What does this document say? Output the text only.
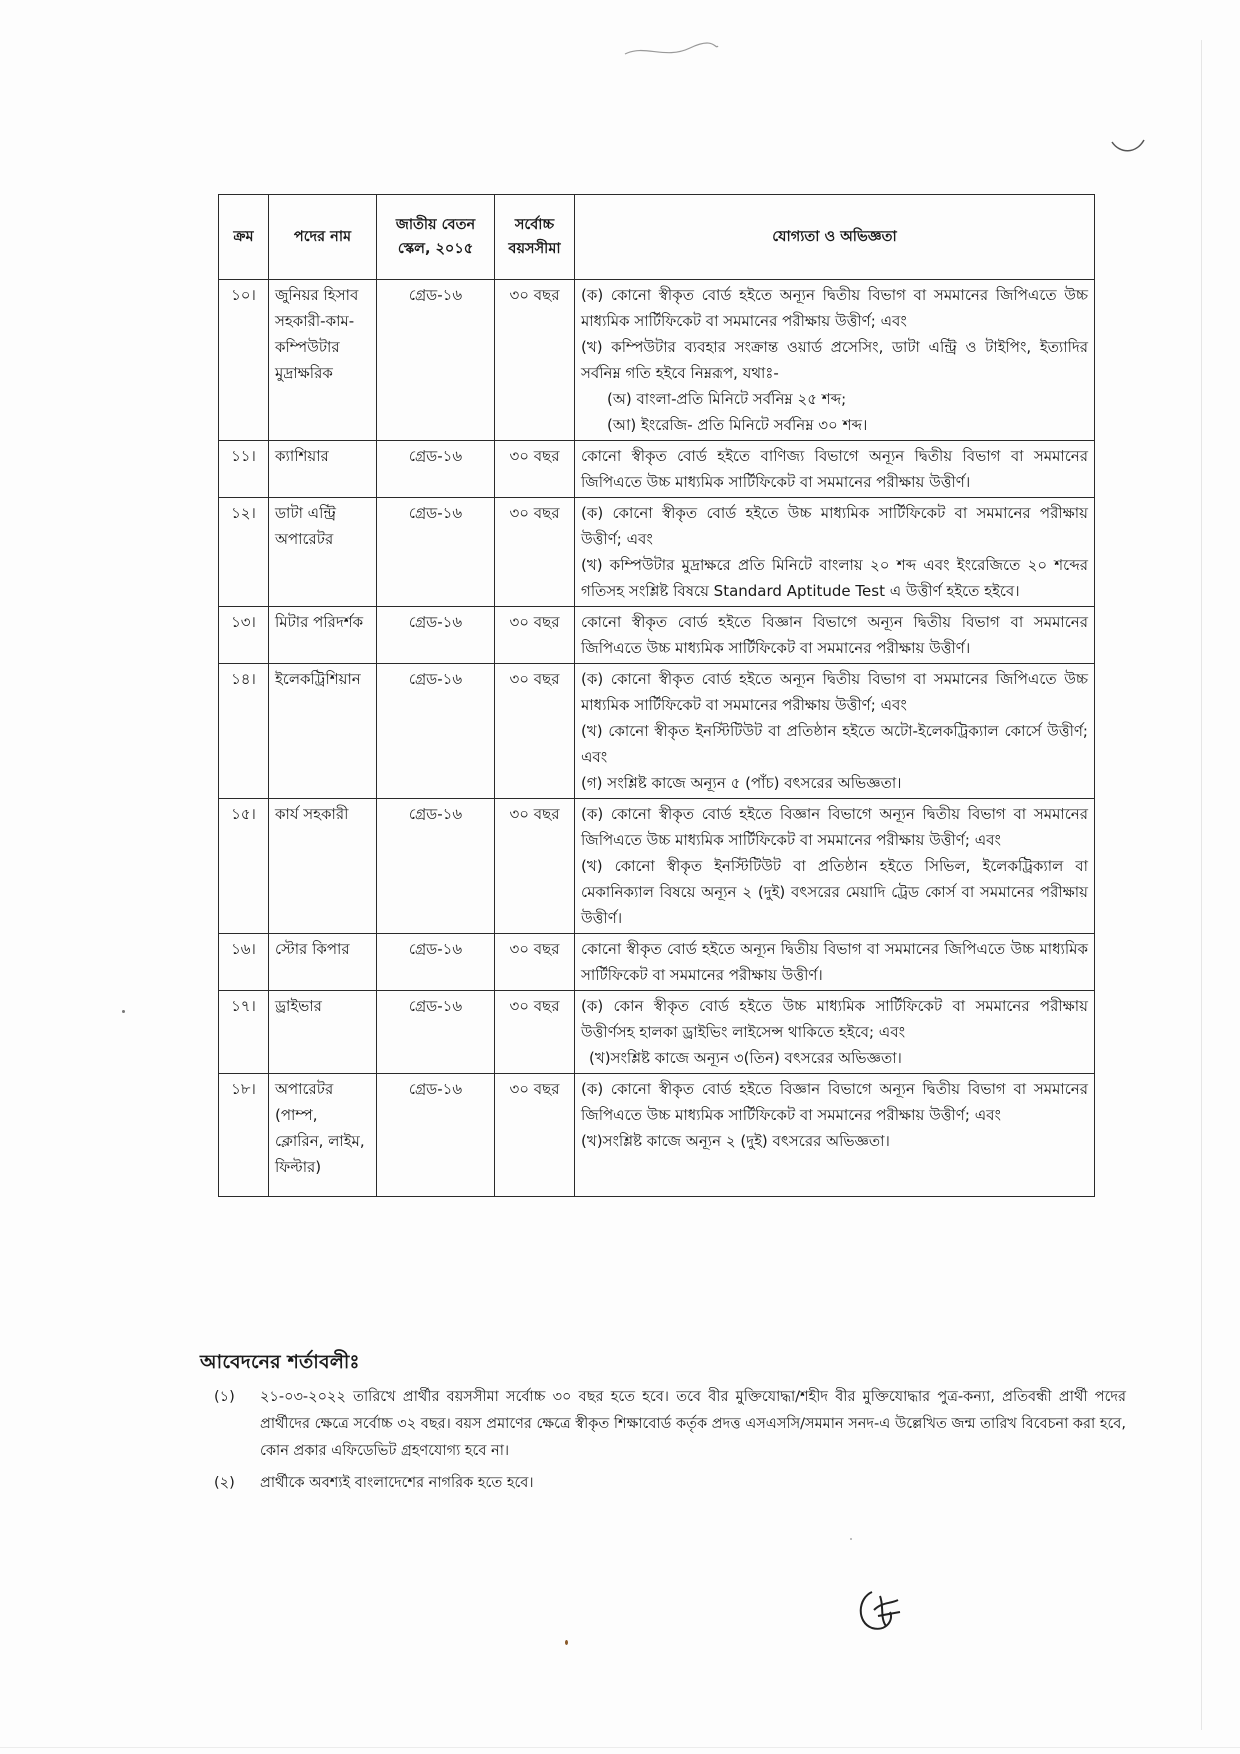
ক্রম	পদের নাম	জাতীয় বেতন স্কেল, ২০১৫	সর্বোচ্চ বয়সসীমা	যোগ্যতা ও অভিজ্ঞতা
১০।	জুনিয়র হিসাব সহকারী-কাম-কম্পিউটার মুদ্রাক্ষরিক	গ্রেড-১৬	৩০ বছর	(ক) কোনো স্বীকৃত বোর্ড হইতে অন্যূন দ্বিতীয় বিভাগ বা সমমানের জিপিএতে উচ্চ মাধ্যমিক সার্টিফিকেট বা সমমানের পরীক্ষায় উত্তীর্ণ; এবং
(খ) কম্পিউটার ব্যবহার সংক্রান্ত ওয়ার্ড প্রসেসিং, ডাটা এন্ট্রি ও টাইপিং, ইত্যাদির সর্বনিম্ন গতি হইবে নিম্নরূপ, যথাঃ-
(অ) বাংলা-প্রতি মিনিটে সর্বনিম্ন ২৫ শব্দ;
(আ) ইংরেজি- প্রতি মিনিটে সর্বনিম্ন ৩০ শব্দ।

১১।	ক্যাশিয়ার	গ্রেড-১৬	৩০ বছর	কোনো স্বীকৃত বোর্ড হইতে বাণিজ্য বিভাগে অন্যূন দ্বিতীয় বিভাগ বা সমমানের জিপিএতে উচ্চ মাধ্যমিক সার্টিফিকেট বা সমমানের পরীক্ষায় উত্তীর্ণ।

১২।	ডাটা এন্ট্রি অপারেটর	গ্রেড-১৬	৩০ বছর	(ক) কোনো স্বীকৃত বোর্ড হইতে উচ্চ মাধ্যমিক সার্টিফিকেট বা সমমানের পরীক্ষায় উত্তীর্ণ; এবং
(খ) কম্পিউটার মুদ্রাক্ষরে প্রতি মিনিটে বাংলায় ২০ শব্দ এবং ইংরেজিতে ২০ শব্দের গতিসহ সংশ্লিষ্ট বিষয়ে Standard Aptitude Test এ উত্তীর্ণ হইতে হইবে।

১৩।	মিটার পরিদর্শক	গ্রেড-১৬	৩০ বছর	কোনো স্বীকৃত বোর্ড হইতে বিজ্ঞান বিভাগে অন্যূন দ্বিতীয় বিভাগ বা সমমানের জিপিএতে উচ্চ মাধ্যমিক সার্টিফিকেট বা সমমানের পরীক্ষায় উত্তীর্ণ।

১৪।	ইলেকট্রিশিয়ান	গ্রেড-১৬	৩০ বছর	(ক) কোনো স্বীকৃত বোর্ড হইতে অন্যূন দ্বিতীয় বিভাগ বা সমমানের জিপিএতে উচ্চ মাধ্যমিক সার্টিফিকেট বা সমমানের পরীক্ষায় উত্তীর্ণ; এবং
(খ) কোনো স্বীকৃত ইনস্টিটিউট বা প্রতিষ্ঠান হইতে অটো-ইলেকট্রিক্যাল কোর্সে উত্তীর্ণ; এবং
(গ) সংশ্লিষ্ট কাজে অন্যূন ৫ (পাঁচ) বৎসরের অভিজ্ঞতা।

১৫।	কার্য সহকারী	গ্রেড-১৬	৩০ বছর	(ক) কোনো স্বীকৃত বোর্ড হইতে বিজ্ঞান বিভাগে অন্যূন দ্বিতীয় বিভাগ বা সমমানের জিপিএতে উচ্চ মাধ্যমিক সার্টিফিকেট বা সমমানের পরীক্ষায় উত্তীর্ণ; এবং
(খ) কোনো স্বীকৃত ইনস্টিটিউট বা প্রতিষ্ঠান হইতে সিভিল, ইলেকট্রিক্যাল বা মেকানিক্যাল বিষয়ে অন্যূন ২ (দুই) বৎসরের মেয়াদি ট্রেড কোর্স বা সমমানের পরীক্ষায় উত্তীর্ণ।

১৬।	স্টোর কিপার	গ্রেড-১৬	৩০ বছর	কোনো স্বীকৃত বোর্ড হইতে অন্যূন দ্বিতীয় বিভাগ বা সমমানের জিপিএতে উচ্চ মাধ্যমিক সার্টিফিকেট বা সমমানের পরীক্ষায় উত্তীর্ণ।

১৭।	ড্রাইভার	গ্রেড-১৬	৩০ বছর	(ক) কোন স্বীকৃত বোর্ড হইতে উচ্চ মাধ্যমিক সার্টিফিকেট বা সমমানের পরীক্ষায় উত্তীর্ণসহ হালকা ড্রাইভিং লাইসেন্স থাকিতে হইবে; এবং
(খ)সংশ্লিষ্ট কাজে অন্যূন ৩(তিন) বৎসরের অভিজ্ঞতা।

১৮।	অপারেটর (পাম্প, ক্লোরিন, লাইম, ফিল্টার)	গ্রেড-১৬	৩০ বছর	(ক) কোনো স্বীকৃত বোর্ড হইতে বিজ্ঞান বিভাগে অন্যূন দ্বিতীয় বিভাগ বা সমমানের জিপিএতে উচ্চ মাধ্যমিক সার্টিফিকেট বা সমমানের পরীক্ষায় উত্তীর্ণ; এবং
(খ)সংশ্লিষ্ট কাজে অন্যূন ২ (দুই) বৎসরের অভিজ্ঞতা।
আবেদনের শর্তাবলীঃ
(১)	২১-০৩-২০২২ তারিখে প্রার্থীর বয়সসীমা সর্বোচ্চ ৩০ বছর হতে হবে। তবে বীর মুক্তিযোদ্ধা/শহীদ বীর মুক্তিযোদ্ধার পুত্র-কন্যা, প্রতিবন্ধী প্রার্থী পদের প্রার্থীদের ক্ষেত্রে সর্বোচ্চ ৩২ বছর। বয়স প্রমাণের ক্ষেত্রে স্বীকৃত শিক্ষাবোর্ড কর্তৃক প্রদত্ত এসএসসি/সমমান সনদ-এ উল্লেখিত জন্ম তারিখ বিবেচনা করা হবে, কোন প্রকার এফিডেভিট গ্রহণযোগ্য হবে না।
(২)	প্রার্থীকে অবশ্যই বাংলাদেশের নাগরিক হতে হবে।
